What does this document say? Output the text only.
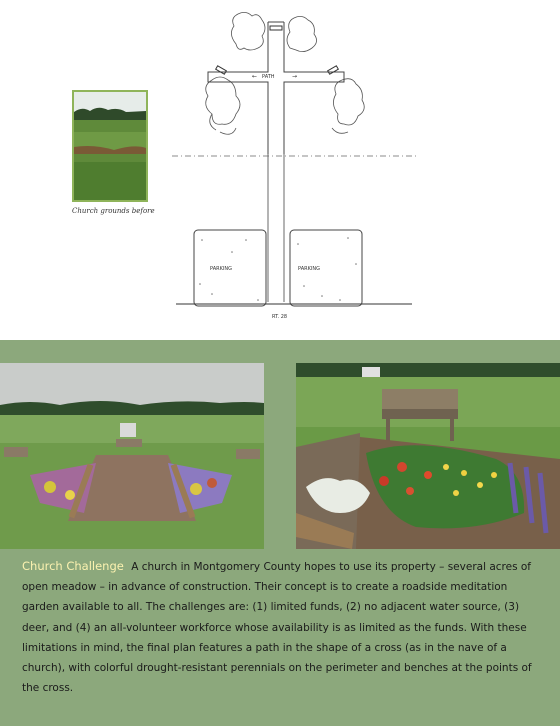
Church grounds before
PATH
←	→
PARKING	PARKING
RT. 28
Church Challenge A church in Montgomery County hopes to use its property – several acres of open meadow – in advance of construction. Their concept is to create a roadside meditation garden available to all. The challenges are: (1) limited funds, (2) no adjacent water source, (3) deer, and (4) an all-volunteer workforce whose availability is as limited as the funds. With these limitations in mind, the final plan features a path in the shape of a cross (as in the nave of a church), with colorful drought-resistant perennials on the perimeter and benches at the points of the cross.
